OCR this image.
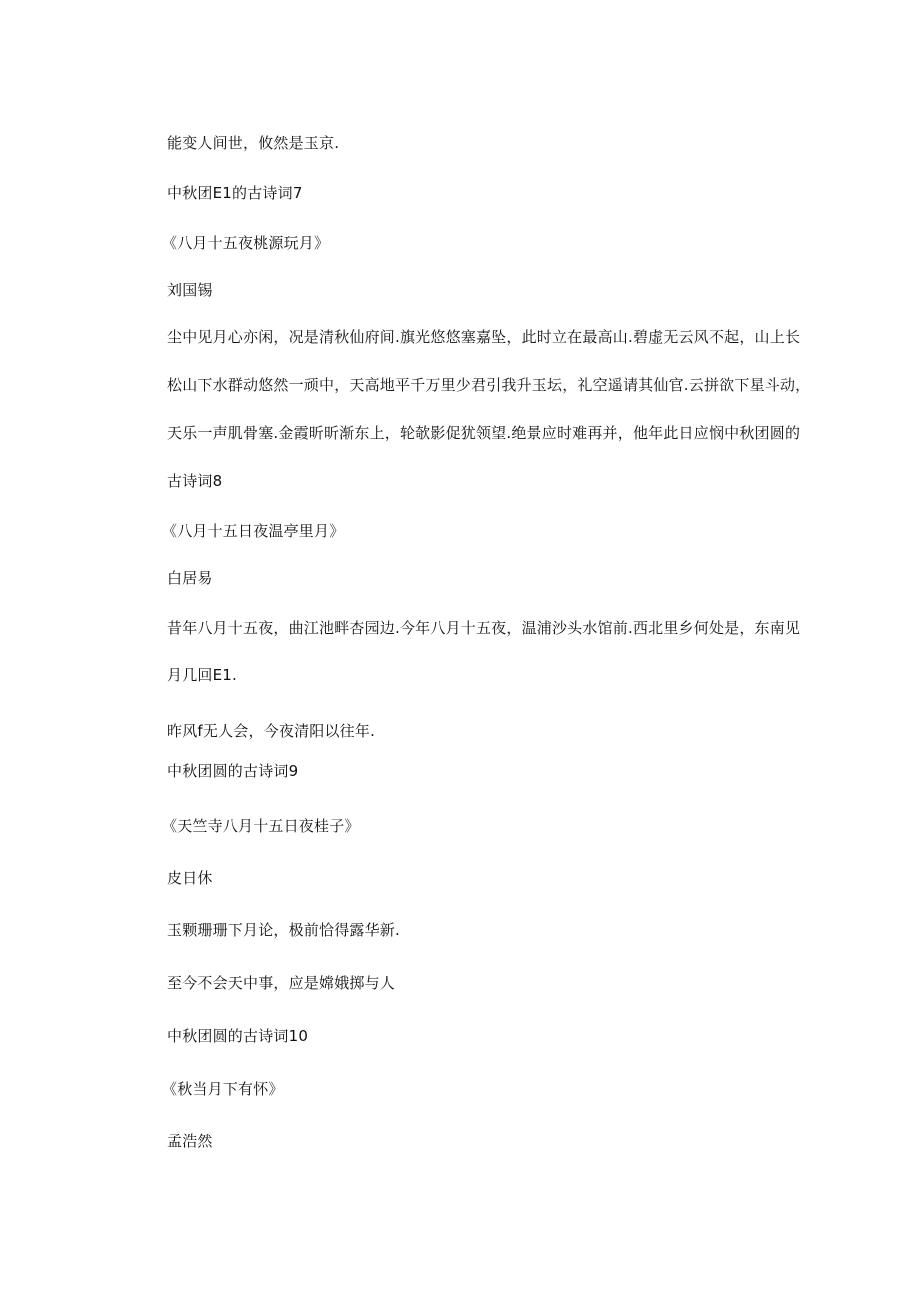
能变人间世，攸然是玉京.
中秋团E1的古诗词7
《八月十五夜桃源玩月》
刘国锡
尘中见月心亦闲，况是清秋仙府间.旗光悠悠塞嘉坠，此时立在最高山.碧虚无云风不起，山上长
松山下水群动悠然一顽中，天高地平千万里少君引我升玉坛，礼空遥请其仙官.云拼欲下星斗动，
天乐一声肌骨塞.金霞昕昕渐东上，轮欹影促犹领望.绝景应时难再并，他年此日应悯中秋团圆的
古诗词8
《八月十五日夜温亭里月》
白居易
昔年八月十五夜，曲江池畔杏园边.今年八月十五夜，温浦沙头水馆前.西北里乡何处是，东南见
月几回E1.
昨风f无人会，今夜清阳以往年.
中秋团圆的古诗词9
《天竺寺八月十五日夜桂子》
皮日休
玉颗珊珊下月论，极前恰得露华新.
至今不会天中事，应是嫦娥掷与人
中秋团圆的古诗词10
《秋当月下有怀》
孟浩然
